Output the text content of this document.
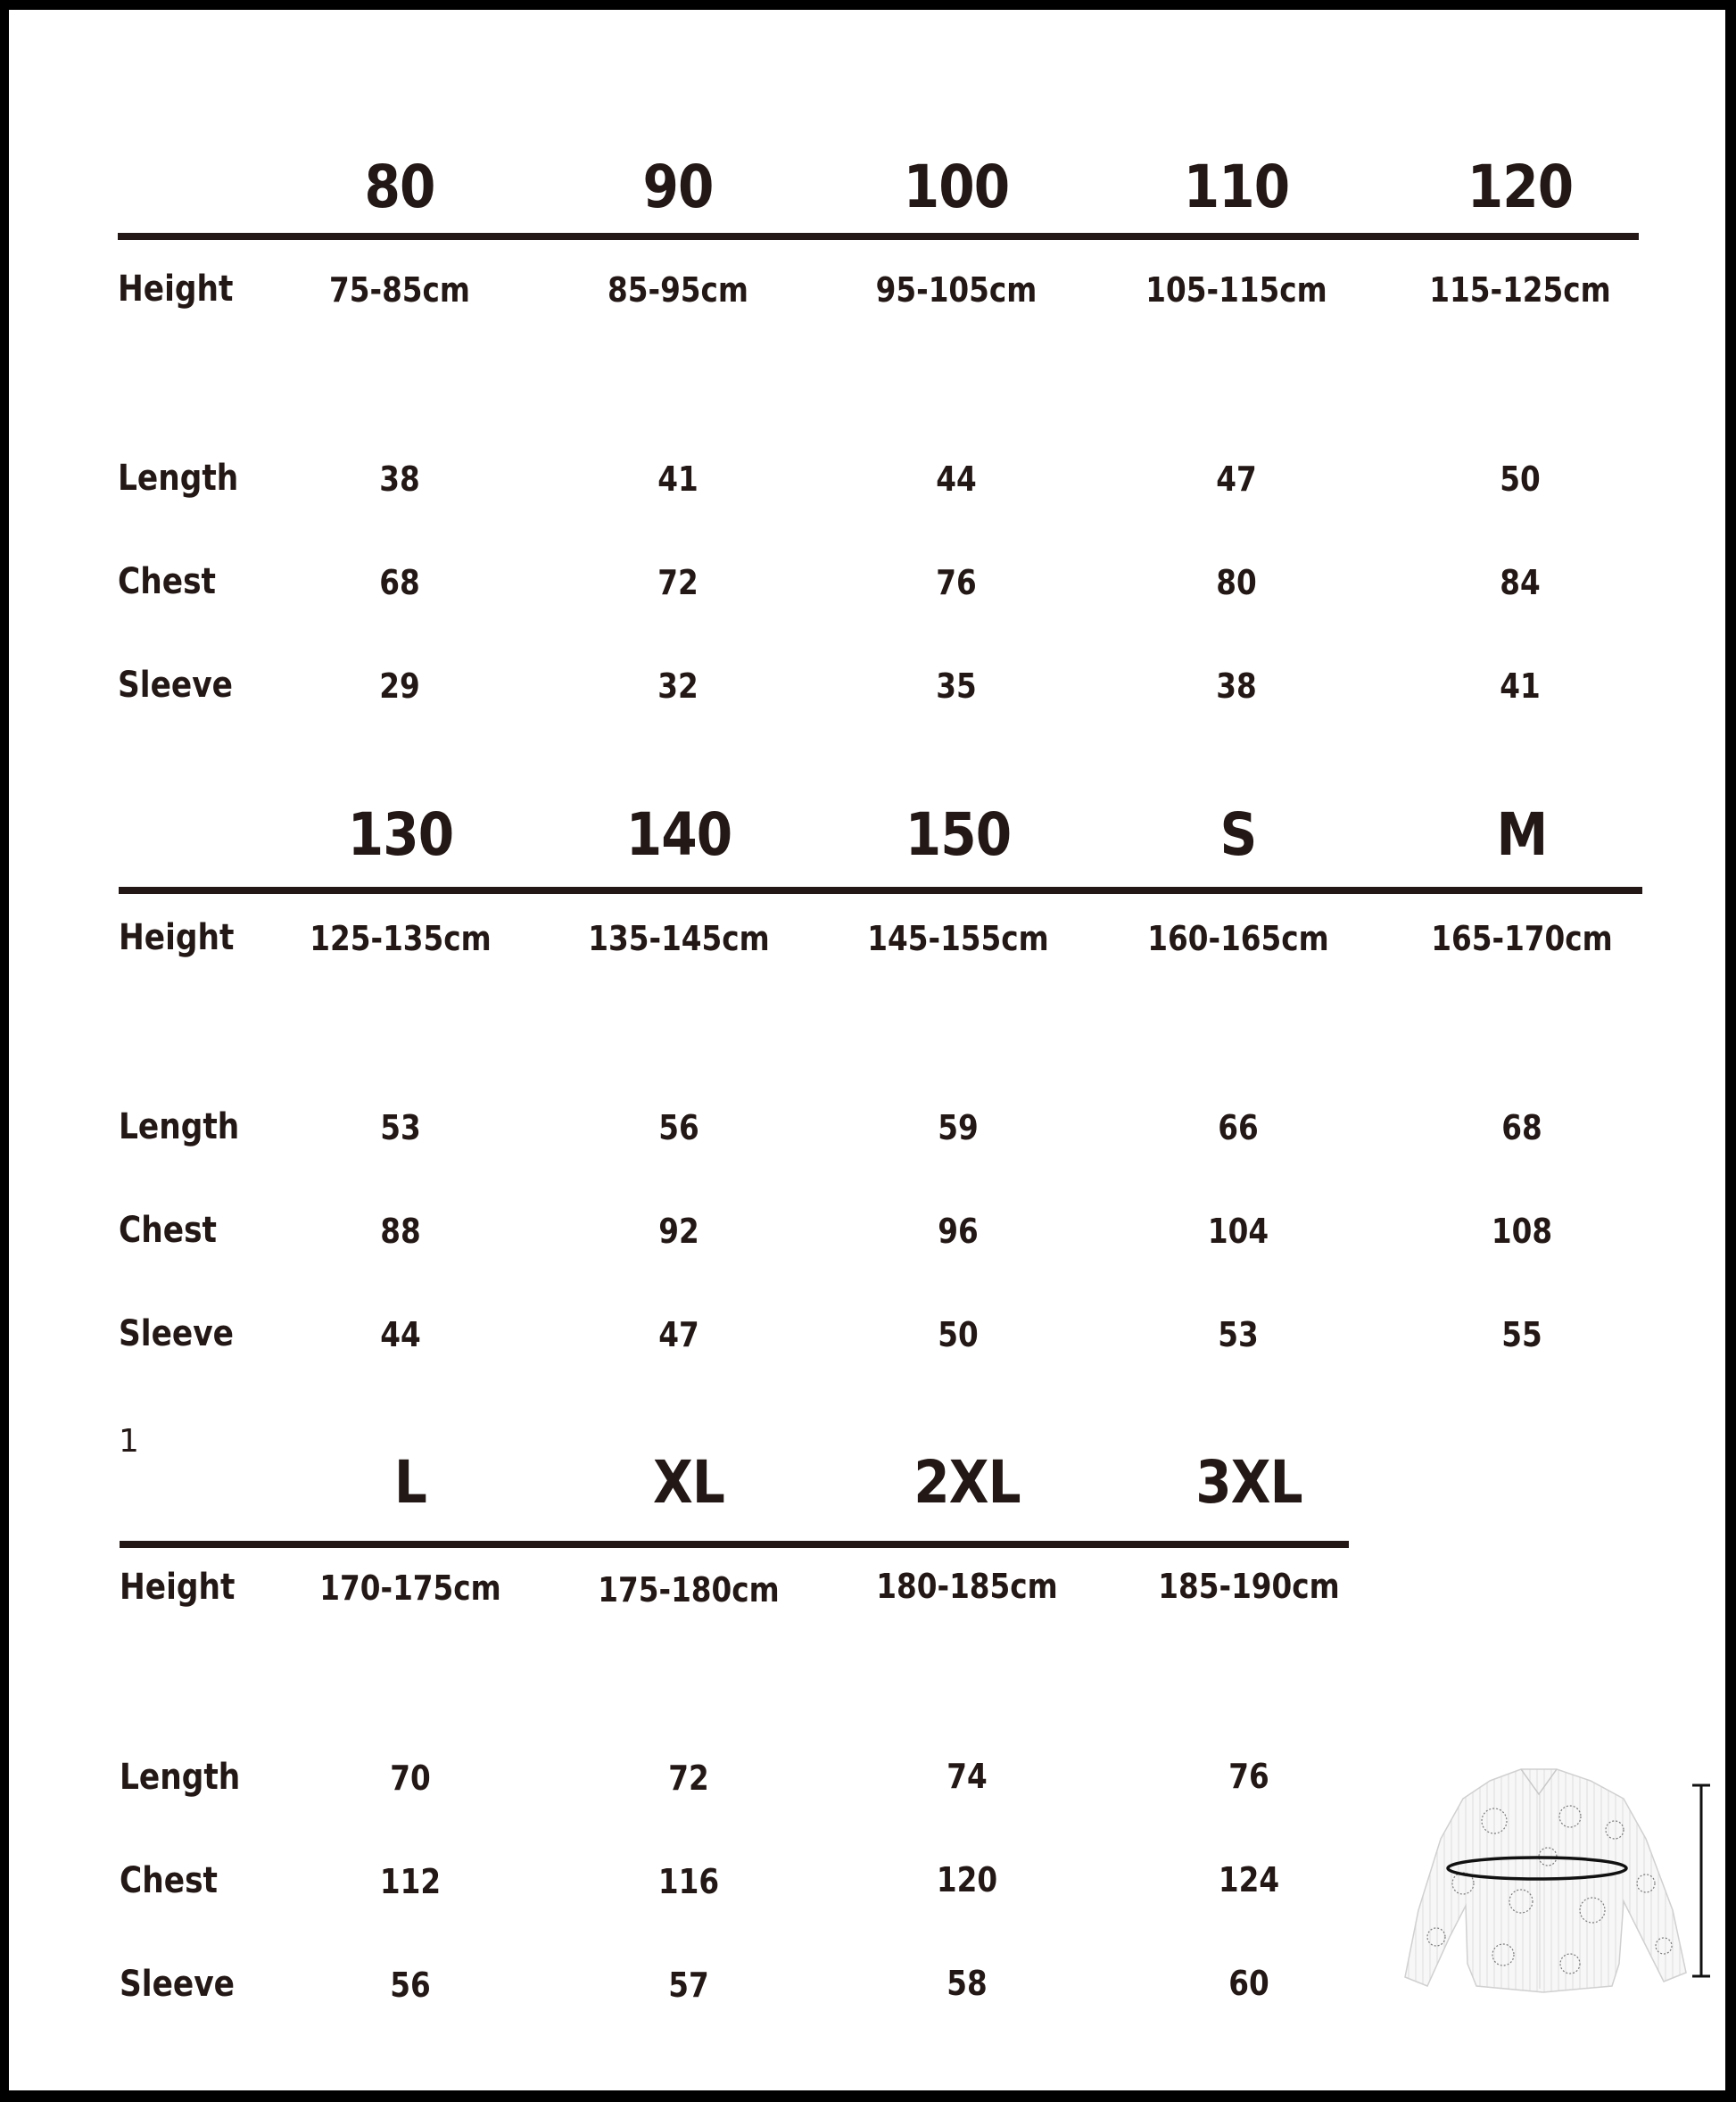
80	90	100	110	120
Height	75-85cm	85-95cm	95-105cm	105-115cm	115-125cm
Length	38	41	44	47	50
Chest	68	72	76	80	84
Sleeve	29	32	35	38	41
130	140	150	S	M
Height 125-135cm	135-145cm	145-155cm	160-165cm	165-170cm
Length	53	56	59	66	68
Chest	88	92	96	104	108
Sleeve	44	47	50	53	55
1
L	XL	2XL	3XL
Height 170-175cm	175-180cm	180-185cm	185-190cm
Length	70	72	74	76
Chest	112	116	120	124
Sleeve	56	57	58	60
